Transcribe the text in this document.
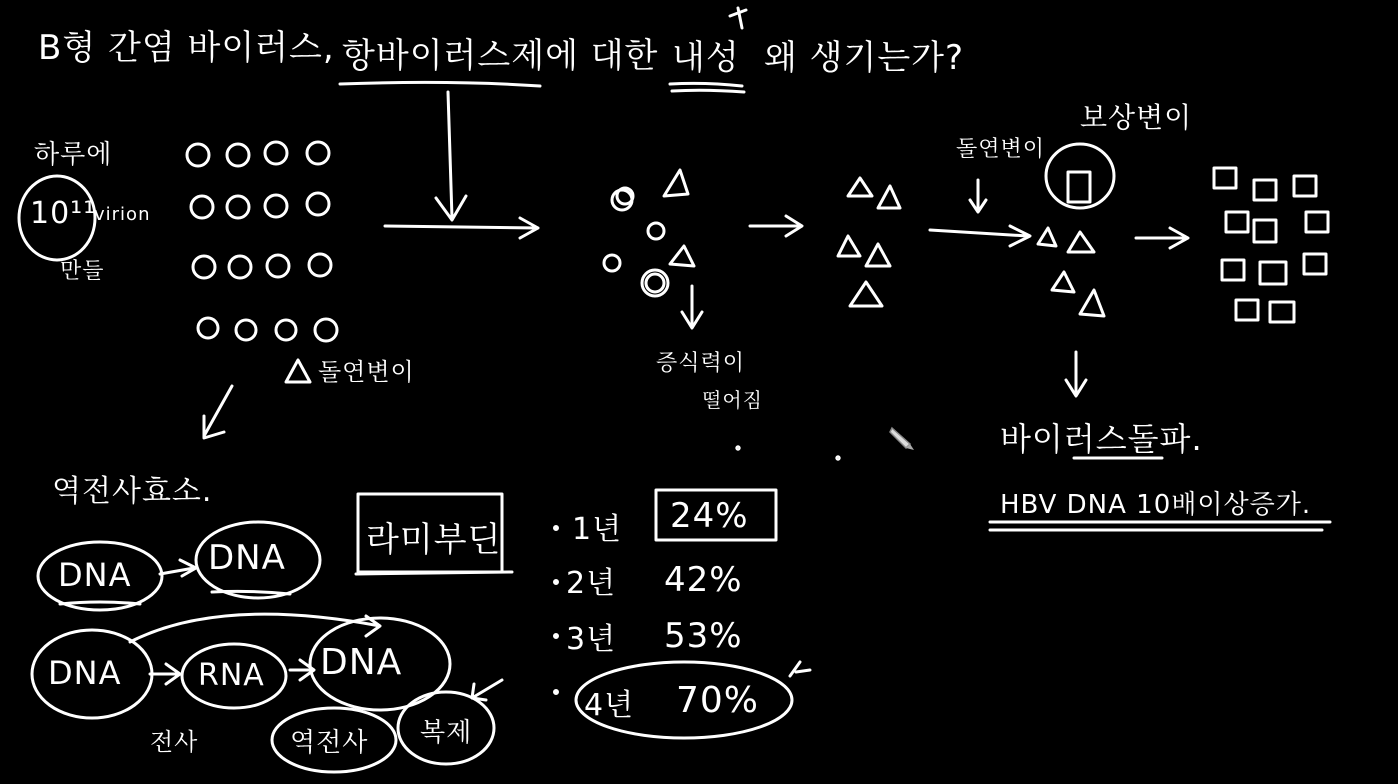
B형 간염 바이러스, 항바이러스제에 대한 내성 왜 생기는가?
하루에
10¹¹
virion
만들
돌연변이	증식력이
떨어짐
돌연변이
보상변이
바이러스돌파.
HBV DNA 10배이상증가.
역전사효소.
DNA DNA
DNA	RNA DNA
전사	역전사 복제
라미부딘 1년 24%
2년 42%
3년 53%
4년 70%
